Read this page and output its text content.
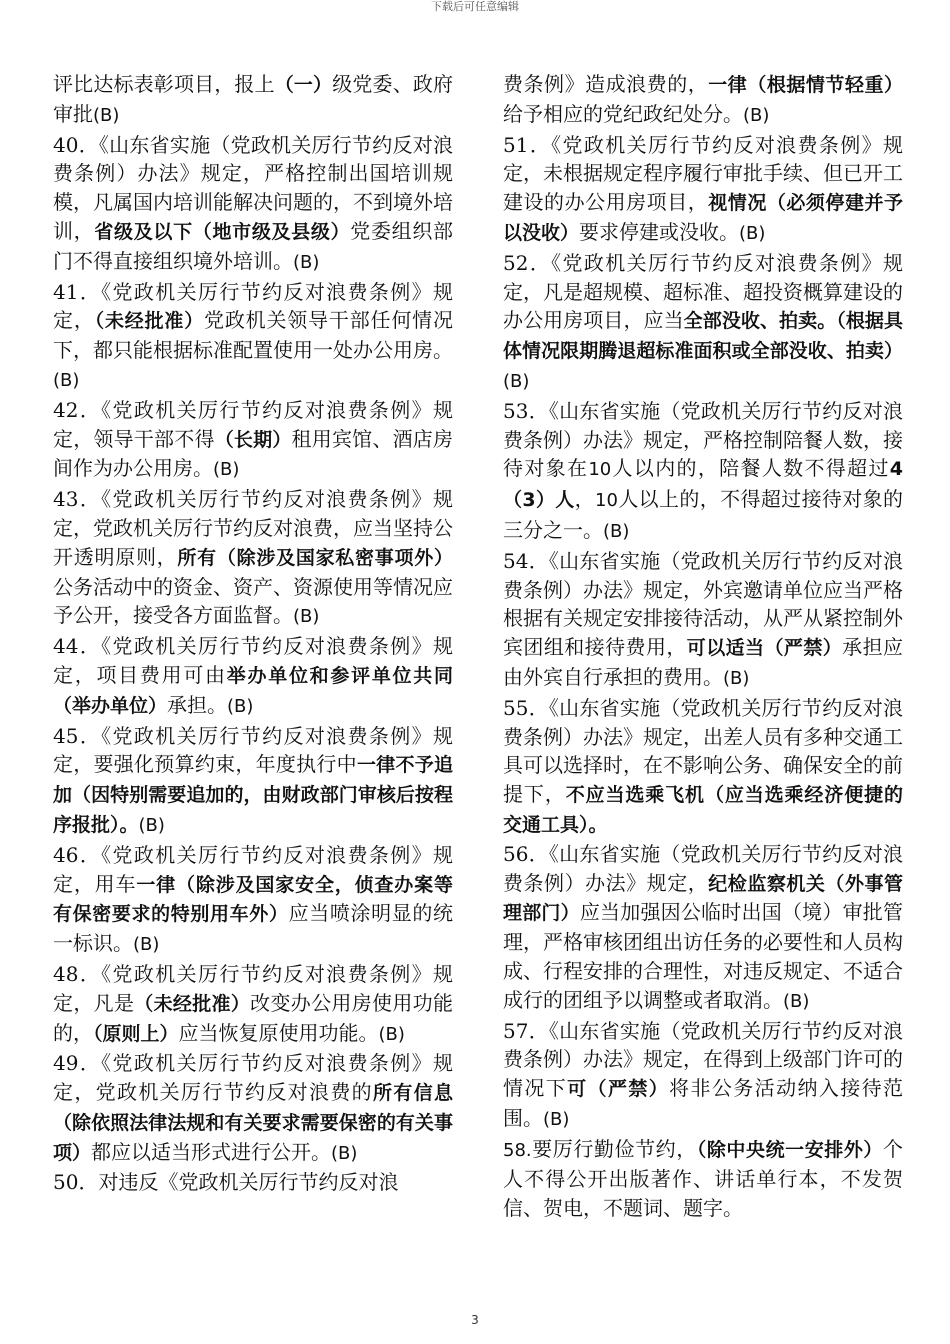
下载后可任意编辑

评比达标表彰项目，报上（一）级党委、政府审批(B)

40．《山东省实施（党政机关厉行节约反对浪费条例）办法》规定，严格控制出国培训规模，凡属国内培训能解决问题的，不到境外培训，省级及以下（地市级及县级）党委组织部门不得直接组织境外培训。(B)

41．《党政机关厉行节约反对浪费条例》规定，（未经批准）党政机关领导干部任何情况下，都只能根据标准配置使用一处办公用房。(B)

42．《党政机关厉行节约反对浪费条例》规定，领导干部不得（长期）租用宾馆、酒店房间作为办公用房。(B)

43．《党政机关厉行节约反对浪费条例》规定，党政机关厉行节约反对浪费，应当坚持公开透明原则，所有（除涉及国家私密事项外）公务活动中的资金、资产、资源使用等情况应予公开，接受各方面监督。(B)

44．《党政机关厉行节约反对浪费条例》规定，项目费用可由举办单位和参评单位共同（举办单位）承担。(B)

45．《党政机关厉行节约反对浪费条例》规定，要强化预算约束，年度执行中一律不予追加（因特别需要追加的，由财政部门审核后按程序报批）。(B)

46．《党政机关厉行节约反对浪费条例》规定，用车一律（除涉及国家安全，侦查办案等有保密要求的特别用车外）应当喷涂明显的统一标识。(B)

48．《党政机关厉行节约反对浪费条例》规定，凡是（未经批准）改变办公用房使用功能的，（原则上）应当恢复原使用功能。(B)

49．《党政机关厉行节约反对浪费条例》规定，党政机关厉行节约反对浪费的所有信息（除依照法律法规和有关要求需要保密的有关事项）都应以适当形式进行公开。(B)

50．对违反《党政机关厉行节约反对浪

费条例》造成浪费的，一律（根据情节轻重）给予相应的党纪政纪处分。(B)

51．《党政机关厉行节约反对浪费条例》规定，未根据规定程序履行审批手续、但已开工建设的办公用房项目，视情况（必须停建并予以没收）要求停建或没收。(B)

52．《党政机关厉行节约反对浪费条例》规定，凡是超规模、超标准、超投资概算建设的办公用房项目，应当全部没收、拍卖。（根据具体情况限期腾退超标准面积或全部没收、拍卖）(B)

53．《山东省实施（党政机关厉行节约反对浪费条例）办法》规定，严格控制陪餐人数，接待对象在10人以内的，陪餐人数不得超过4（3）人，10人以上的，不得超过接待对象的三分之一。(B)

54．《山东省实施（党政机关厉行节约反对浪费条例）办法》规定，外宾邀请单位应当严格根据有关规定安排接待活动，从严从紧控制外宾团组和接待费用，可以适当（严禁）承担应由外宾自行承担的费用。(B)

55．《山东省实施（党政机关厉行节约反对浪费条例）办法》规定，出差人员有多种交通工具可以选择时，在不影响公务、确保安全的前提下，不应当选乘飞机（应当选乘经济便捷的交通工具）。

56．《山东省实施（党政机关厉行节约反对浪费条例）办法》规定，纪检监察机关（外事管理部门）应当加强因公临时出国（境）审批管理，严格审核团组出访任务的必要性和人员构成、行程安排的合理性，对违反规定、不适合成行的团组予以调整或者取消。(B)

57．《山东省实施（党政机关厉行节约反对浪费条例）办法》规定，在得到上级部门许可的情况下可（严禁）将非公务活动纳入接待范围。(B)

58.要厉行勤俭节约，（除中央统一安排外）个人不得公开出版著作、讲话单行本，不发贺信、贺电，不题词、题字。

3
